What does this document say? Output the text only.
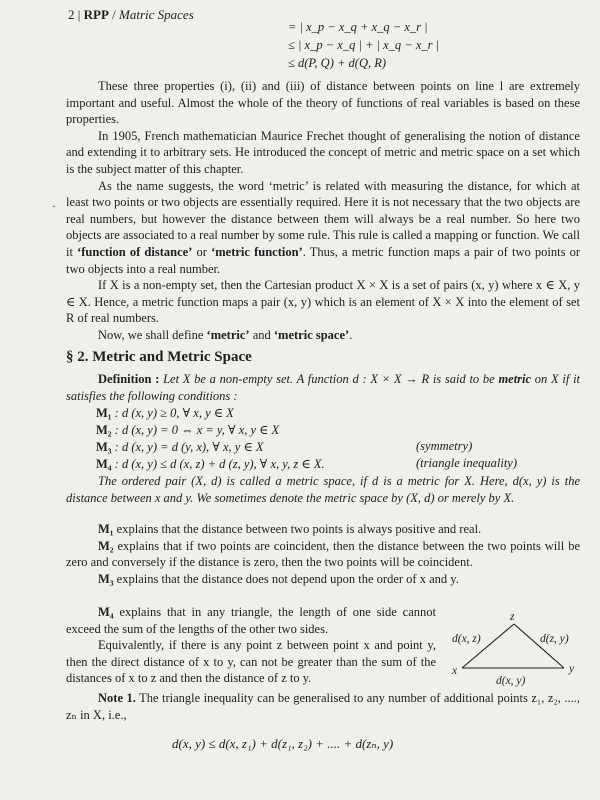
2 | RPP / Matric Spaces
= | x_p − x_q + x_q − x_r |
≤ | x_p − x_q | + | x_q − x_r |
≤ d(P, Q) + d(Q, R)

These three properties (i), (ii) and (iii) of distance between points on line l are extremely important and useful. Almost the whole of the theory of functions of real variables is based on these properties.

In 1905, French mathematician Maurice Frechet thought of generalising the notion of distance and extending it to arbitrary sets. He introduced the concept of metric and metric space on a set which is the subject matter of this chapter.

As the name suggests, the word ‘metric’ is related with measuring the distance, for which at least two points or two objects are essentially required. Here it is not necessary that the two objects are real numbers, but however the distance between them will always be a real number. So here two objects are associated to a real number by some rule. This rule is called a mapping or function. We call it ‘function of distance’ or ‘metric function’. Thus, a metric function maps a pair of two points or two objects into a real number.

If X is a non-empty set, then the Cartesian product X × X is a set of pairs (x, y) where x ∈ X, y ∈ X. Hence, a metric function maps a pair (x, y) which is an element of X × X into the element of set R of real numbers.

Now, we shall define ‘metric’ and ‘metric space’.

·
§ 2. Metric and Metric Space

Definition : Let X be a non-empty set. A function d : X × X → R is said to be metric on X if it satisfies the following conditions :

M₁ : d (x, y) ≥ 0, ∀ x, y ∈ X
M₂ : d (x, y) = 0 ⇔ x = y, ∀ x, y ∈ X
M₃ : d (x, y) = d (y, x), ∀ x, y ∈ X	(symmetry)
M₄ : d (x, y) ≤ d (x, z) + d (z, y), ∀ x, y, z ∈ X.	(triangle inequality)

The ordered pair (X, d) is called a metric space, if d is a metric for X. Here, d(x, y) is the distance between x and y. We sometimes denote the metric space by (X, d) or merely by X.

M₁ explains that the distance between two points is always positive and real.

M₂ explains that if two points are coincident, then the distance between the two points will be zero and conversely if the distance is zero, then the two points will be coincident.

M₃ explains that the distance does not depend upon the order of x and y.

M₄ explains that in any triangle, the length of one side cannot exceed the sum of the lengths of the other two sides.

Equivalently, if there is any point z between point x and point y, then the direct distance of x to y, can not be greater than the sum of the distances of x to z and then the distance of z to y.

x	y
z
d(x, z)	d(z, y)
d(x, y)

Note 1. The triangle inequality can be generalised to any number of additional points z₁, z₂, ...., zₙ in X, i.e.,

d(x, y) ≤ d(x, z₁) + d(z₁, z₂) + .... + d(zₙ, y)
